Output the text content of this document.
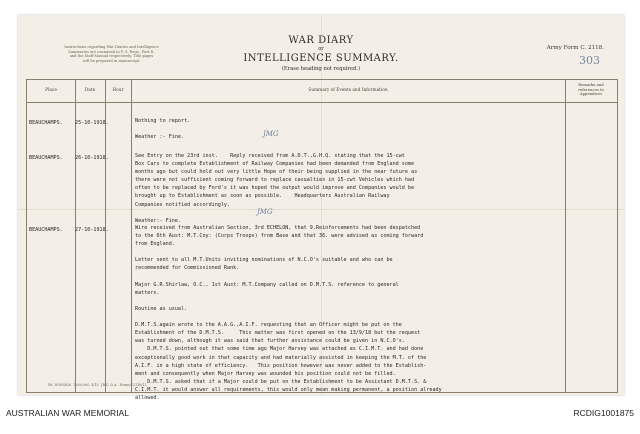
Instructions regarding War Diaries and Intelligence
Summaries are contained in F. S. Regs., Part II.
and the Staff Manual respectively. Title pages
will be prepared in manuscript.
WAR DIARY
or
INTELLIGENCE SUMMARY.
(Erase heading not required.)
Army Form C. 2118.
303
Place	Date	Hour	Summary of Events and Information
Remarks and
references to
Appendices
BEAUCHAMPS. 25-10-1918.	Nothing to report.

Weather :- Fine.
BEAUCHAMPS. 26-10-1918.	See Entry on the 23rd inst.    Reply received from A.D.T.,G.H.Q. stating that the 15-cwt
Box Cars to complete Establishment of Railway Companies had been demanded from England some
months ago but could hold out very little Hope of their being supplied in the near future as
there were not sufficient coming forward to replace casualties in 15-cwt Vehicles which had
often to be replaced by Ford's it was hoped the output would improve and Companies would be
brought up to Establishment as soon as possible.    Headquarters Australian Railway
Companies notified accordingly.

Weather:- Fine.
BEAUCHAMPS. 27-10-1918.	Wire received from Australian Section, 3rd ECHELON, that 9.Reinforcements had been despatched
to the 6th Aust: M.T.Coy: (Corps Troops) from Base and that 36. were advised as coming forward
from England.

Letter sent to all M.T.Units inviting nominations of N.C.O's suitable and who can be
recommended for Commissioned Rank.

Major G.R.Shirlaw, O.C., 1st Aust: M.T.Company called on D.M.T.S. reference to general
matters.

Routine as usual.

D.M.T.S.again wrote to the A.A.G.,A.I.F. requesting that an Officer might be put on the
Establishment of the D.M.T.S.     This matter was first opened on the 13/9/18 but the request
was turned down, although it was said that further assistance could be given in N.C.O's.
D.M.T.S. pointed out that some time ago Major Harvey was attached as C.I.M.T. and had done
exceptionally good work in that capacity and had materially assisted in keeping the M.T. of the
A.I.F. in a high state of efficiency.   This position however was never added to the Establish-
ment and consequently when Major Harvey was wounded his position could not be filled.
D.M.T.S. asked that if a Major could be put on the Establishment to be Assistant D.M.T.S. &
C.I.M.T. it would answer all requirements, this would only mean making permanent, a position already
allowed.
JMG
JMG
Wt. W593/826  1,000,000  4/15  J.B.C. & A.  Forms/C2118/11.
AUSTRALIAN WAR MEMORIAL	RCDIG1001875
